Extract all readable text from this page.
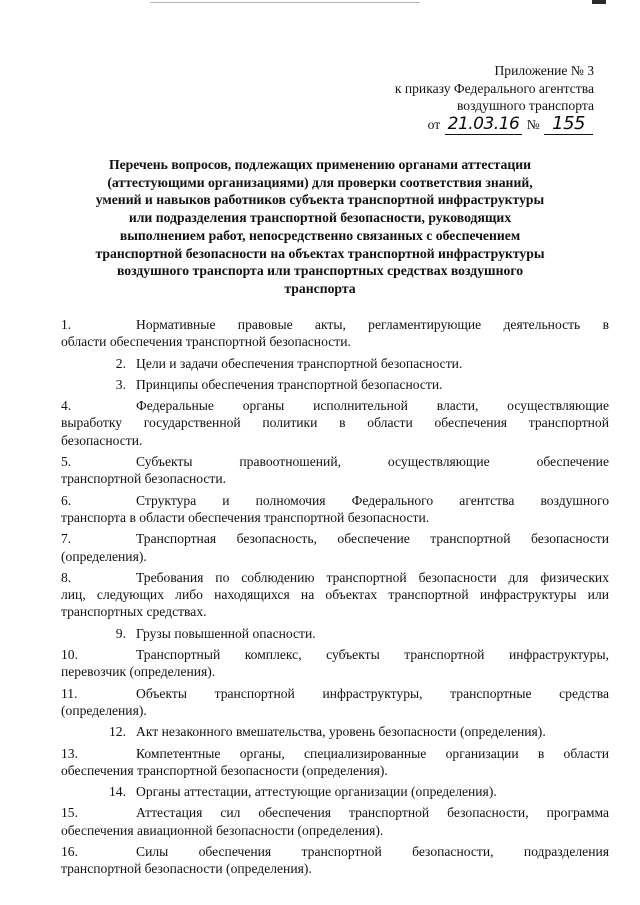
Приложение № 3
к приказу Федерального агентства
воздушного транспорта
от 21.03.16 № 155
Перечень вопросов, подлежащих применению органами аттестации
(аттестующими организациями) для проверки соответствия знаний,
умений и навыков работников субъекта транспортной инфраструктуры
или подразделения транспортной безопасности, руководящих
выполнением работ, непосредственно связанных с обеспечением
транспортной безопасности на объектах транспортной инфраструктуры
воздушного транспорта или транспортных средствах воздушного
транспорта
1.	Нормативные правовые акты, регламентирующие деятельность в
области обеспечения транспортной безопасности.
2. Цели и задачи обеспечения транспортной безопасности.
3. Принципы обеспечения транспортной безопасности.
4.	Федеральные органы исполнительной власти, осуществляющие
выработку государственной политики в области обеспечения транспортной
безопасности.
5.	Субъекты правоотношений, осуществляющие обеспечение
транспортной безопасности.
6.	Структура и полномочия Федерального агентства воздушного
транспорта в области обеспечения транспортной безопасности.
7.	Транспортная безопасность, обеспечение транспортной безопасности
(определения).
8.	Требования по соблюдению транспортной безопасности для физических
лиц, следующих либо находящихся на объектах транспортной инфраструктуры или
транспортных средствах.
9. Грузы повышенной опасности.
10.	Транспортный комплекс, субъекты транспортной инфраструктуры,
перевозчик (определения).
11.	Объекты транспортной инфраструктуры, транспортные средства
(определения).
12. Акт незаконного вмешательства, уровень безопасности (определения).
13.	Компетентные органы, специализированные организации в области
обеспечения транспортной безопасности (определения).
14. Органы аттестации, аттестующие организации (определения).
15.	Аттестация сил обеспечения транспортной безопасности, программа
обеспечения авиационной безопасности (определения).
16.	Силы обеспечения транспортной безопасности, подразделения
транспортной безопасности (определения).
